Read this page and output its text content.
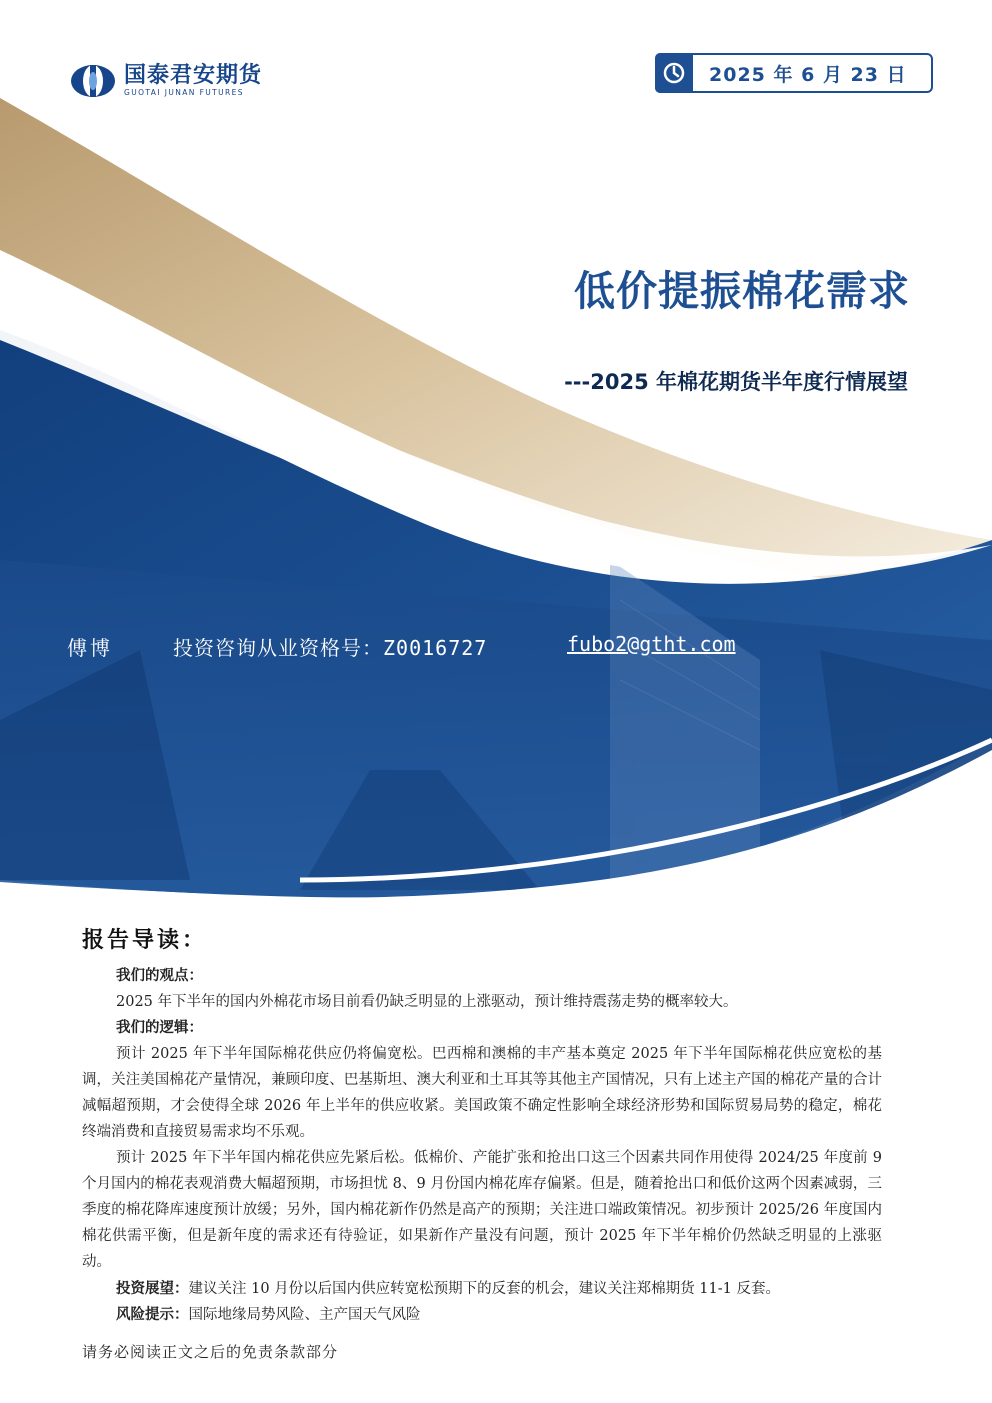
国泰君安期货
GUOTAI JUNAN FUTURES
2025 年 6 月 23 日
低价提振棉花需求
---2025 年棉花期货半年度行情展望
傅博	投资咨询从业资格号：Z0016727	fubo2@gtht.com
报告导读：
我们的观点：
2025 年下半年的国内外棉花市场目前看仍缺乏明显的上涨驱动，预计维持震荡走势的概率较大。
我们的逻辑：
预计 2025 年下半年国际棉花供应仍将偏宽松。巴西棉和澳棉的丰产基本奠定 2025 年下半年国际棉花供应宽松的基调，关注美国棉花产量情况，兼顾印度、巴基斯坦、澳大利亚和土耳其等其他主产国情况，只有上述主产国的棉花产量的合计减幅超预期，才会使得全球 2026 年上半年的供应收紧。美国政策不确定性影响全球经济形势和国际贸易局势的稳定，棉花终端消费和直接贸易需求均不乐观。
预计 2025 年下半年国内棉花供应先紧后松。低棉价、产能扩张和抢出口这三个因素共同作用使得 2024/25 年度前 9 个月国内的棉花表观消费大幅超预期，市场担忧 8、9 月份国内棉花库存偏紧。但是，随着抢出口和低价这两个因素减弱，三季度的棉花降库速度预计放缓；另外，国内棉花新作仍然是高产的预期；关注进口端政策情况。初步预计 2025/26 年度国内棉花供需平衡，但是新年度的需求还有待验证，如果新作产量没有问题，预计 2025 年下半年棉价仍然缺乏明显的上涨驱动。
投资展望：建议关注 10 月份以后国内供应转宽松预期下的反套的机会，建议关注郑棉期货 11-1 反套。
风险提示：国际地缘局势风险、主产国天气风险
请务必阅读正文之后的免责条款部分
